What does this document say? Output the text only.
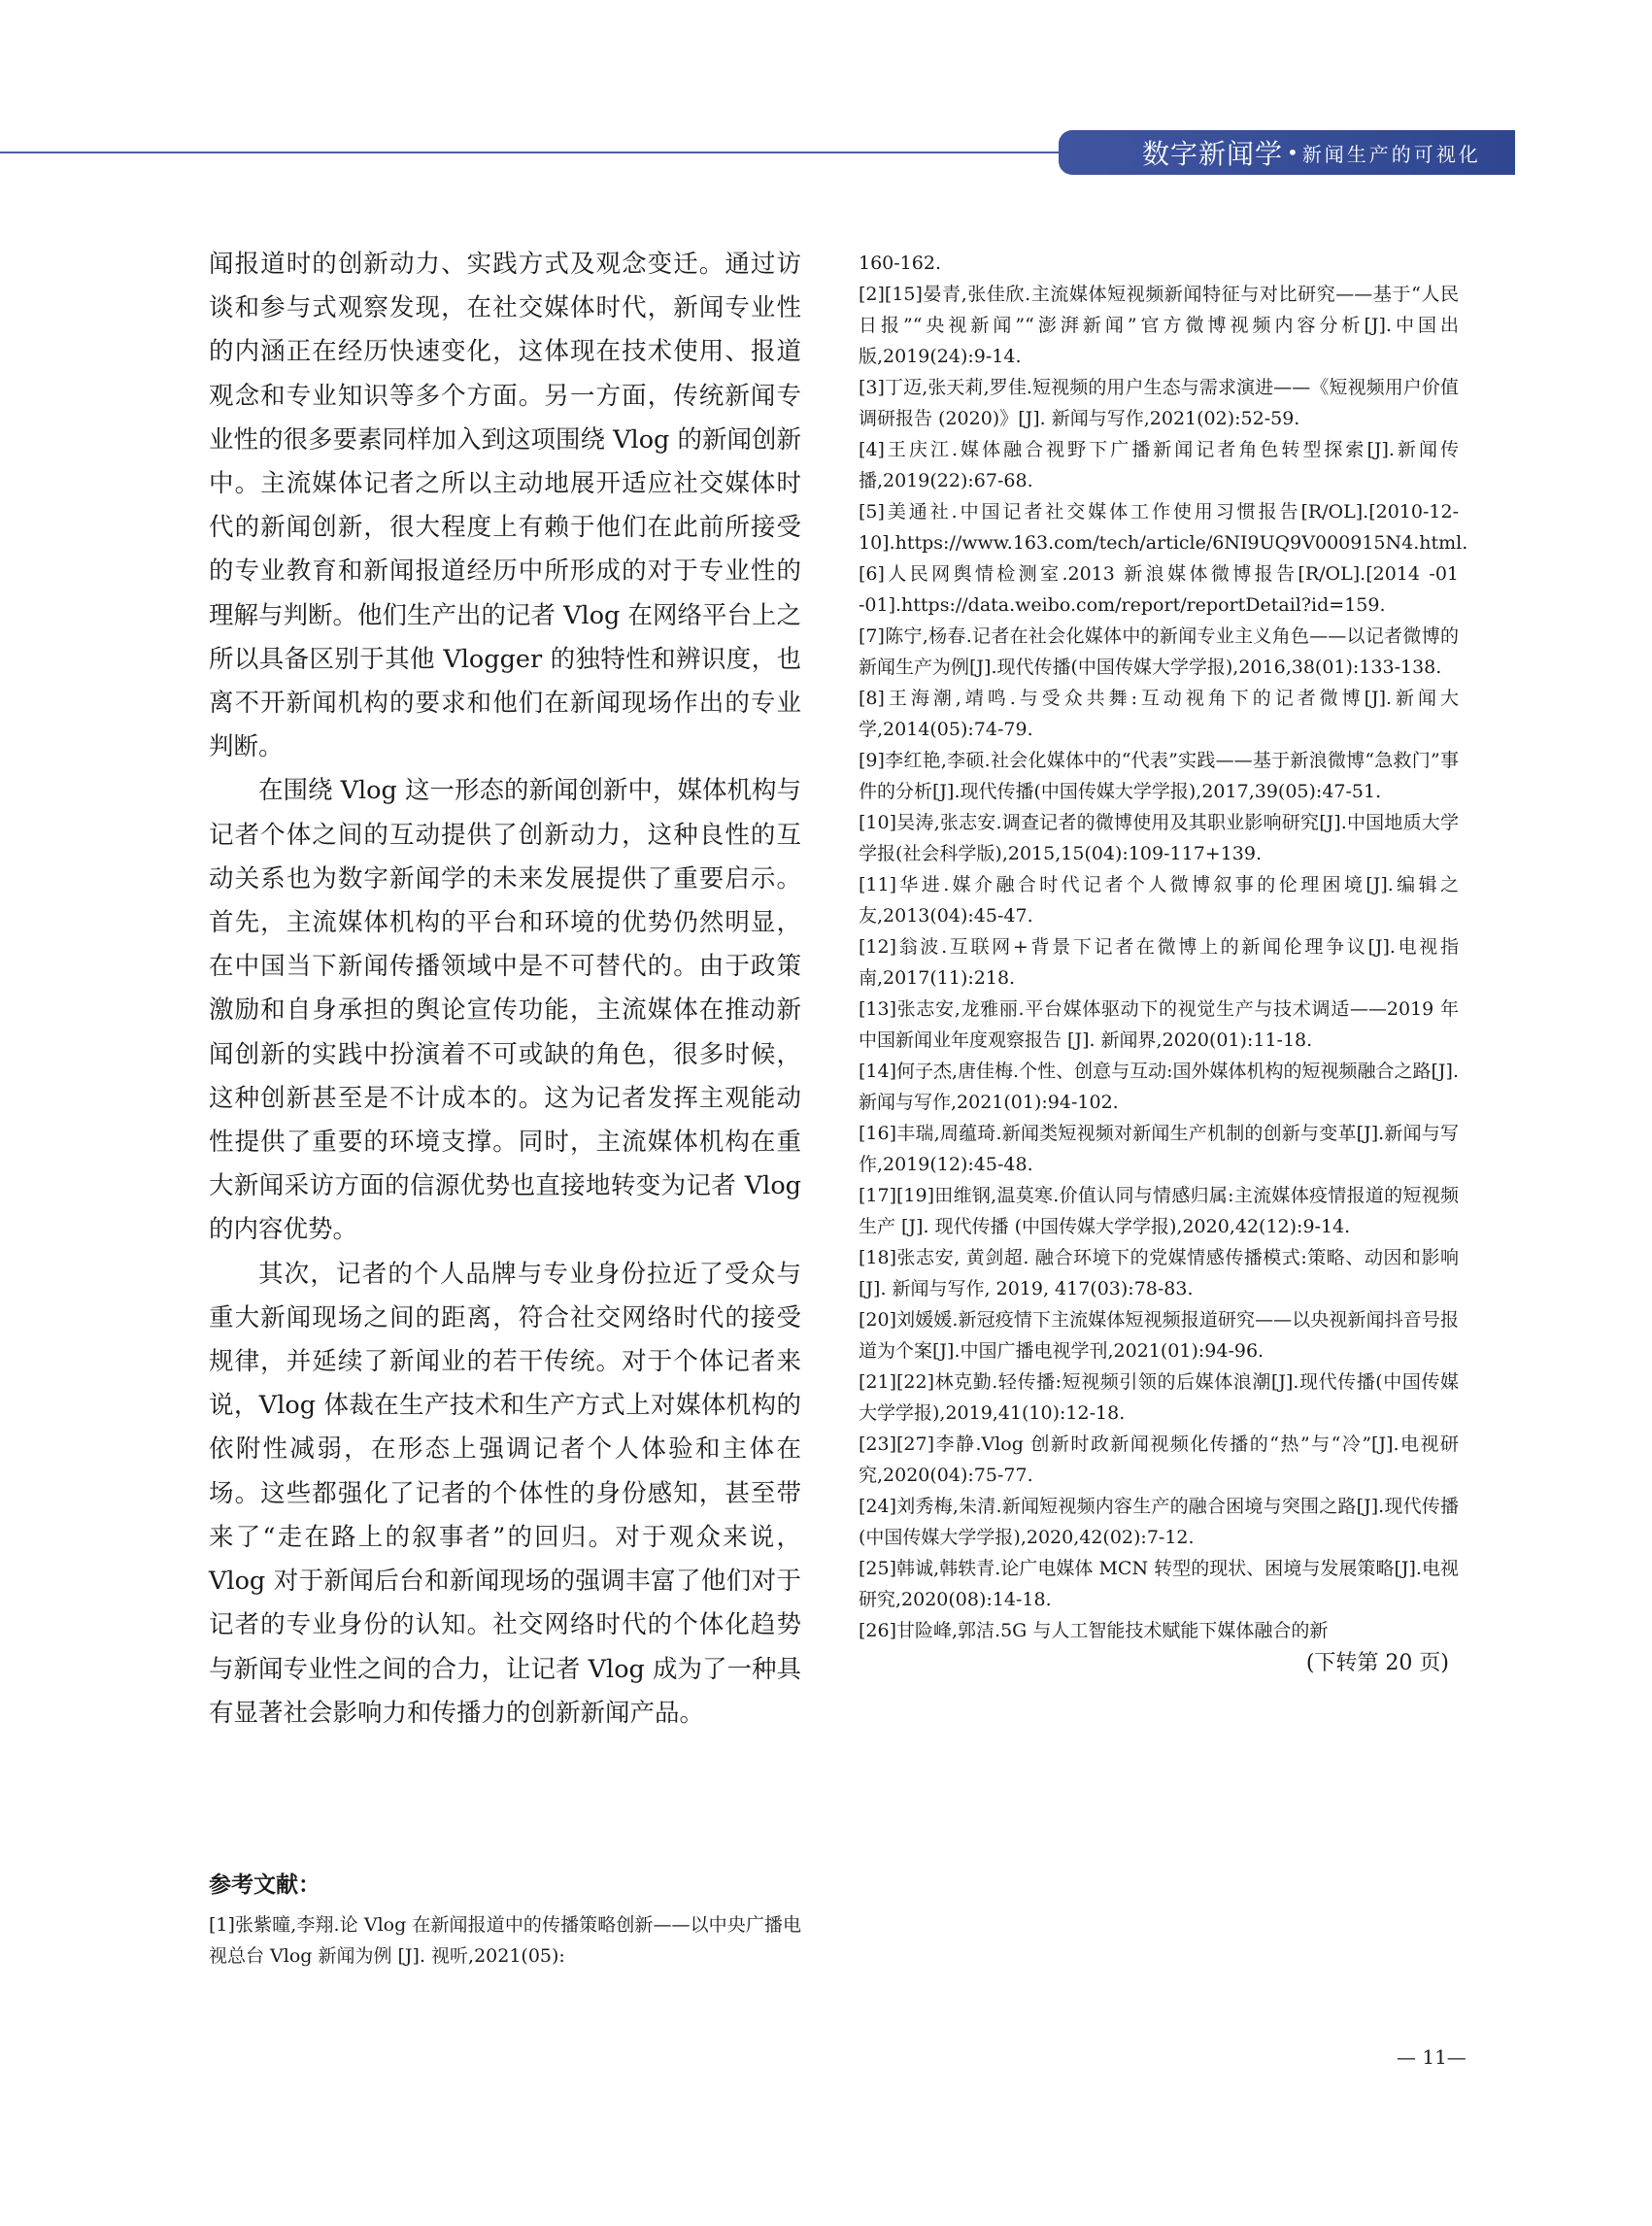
数字新闻学 • 新闻生产的可视化

闻报道时的创新动力、实践方式及观念变迁。通过访谈和参与式观察发现，在社交媒体时代，新闻专业性的内涵正在经历快速变化，这体现在技术使用、报道观念和专业知识等多个方面。另一方面，传统新闻专业性的很多要素同样加入到这项围绕 Vlog 的新闻创新中。主流媒体记者之所以主动地展开适应社交媒体时代的新闻创新，很大程度上有赖于他们在此前所接受的专业教育和新闻报道经历中所形成的对于专业性的理解与判断。他们生产出的记者 Vlog 在网络平台上之所以具备区别于其他 Vlogger 的独特性和辨识度，也离不开新闻机构的要求和他们在新闻现场作出的专业判断。

在围绕 Vlog 这一形态的新闻创新中，媒体机构与记者个体之间的互动提供了创新动力，这种良性的互动关系也为数字新闻学的未来发展提供了重要启示。首先，主流媒体机构的平台和环境的优势仍然明显，在中国当下新闻传播领域中是不可替代的。由于政策激励和自身承担的舆论宣传功能，主流媒体在推动新闻创新的实践中扮演着不可或缺的角色，很多时候，这种创新甚至是不计成本的。这为记者发挥主观能动性提供了重要的环境支撑。同时，主流媒体机构在重大新闻采访方面的信源优势也直接地转变为记者 Vlog 的内容优势。

其次，记者的个人品牌与专业身份拉近了受众与重大新闻现场之间的距离，符合社交网络时代的接受规律，并延续了新闻业的若干传统。对于个体记者来说，Vlog 体裁在生产技术和生产方式上对媒体机构的依附性减弱，在形态上强调记者个人体验和主体在场。这些都强化了记者的个体性的身份感知，甚至带来了“走在路上的叙事者”的回归。对于观众来说，Vlog 对于新闻后台和新闻现场的强调丰富了他们对于记者的专业身份的认知。社交网络时代的个体化趋势与新闻专业性之间的合力，让记者 Vlog 成为了一种具有显著社会影响力和传播力的创新新闻产品。

参考文献：

[1]张紫曈,李翔.论 Vlog 在新闻报道中的传播策略创新——以中央广播电视总台 Vlog 新闻为例 [J]. 视听,2021(05):

160-162.

[2][15]晏青,张佳欣.主流媒体短视频新闻特征与对比研究——基于“人民日报”“央视新闻”“澎湃新闻”官方微博视频内容分析[J].中国出版,2019(24):9-14.

[3]丁迈,张天莉,罗佳.短视频的用户生态与需求演进——《短视频用户价值调研报告 (2020)》[J]. 新闻与写作,2021(02):52-59.

[4]王庆江.媒体融合视野下广播新闻记者角色转型探索[J].新闻传播,2019(22):67-68.

[5]美通社.中国记者社交媒体工作使用习惯报告[R/OL].[2010-12-10].https://www.163.com/tech/article/6NI9UQ9V000915N4.html.

[6]人民网舆情检测室.2013 新浪媒体微博报告[R/OL].[2014 -01 -01].https://data.weibo.com/report/reportDetail?id=159.

[7]陈宁,杨春.记者在社会化媒体中的新闻专业主义角色——以记者微博的新闻生产为例[J].现代传播(中国传媒大学学报),2016,38(01):133-138.

[8]王海潮,靖鸣.与受众共舞:互动视角下的记者微博[J].新闻大学,2014(05):74-79.

[9]李红艳,李硕.社会化媒体中的“代表”实践——基于新浪微博“急救门”事件的分析[J].现代传播(中国传媒大学学报),2017,39(05):47-51.

[10]吴涛,张志安.调查记者的微博使用及其职业影响研究[J].中国地质大学学报(社会科学版),2015,15(04):109-117+139.

[11]华进.媒介融合时代记者个人微博叙事的伦理困境[J].编辑之友,2013(04):45-47.

[12]翁波.互联网+背景下记者在微博上的新闻伦理争议[J].电视指南,2017(11):218.

[13]张志安,龙雅丽.平台媒体驱动下的视觉生产与技术调适——2019 年中国新闻业年度观察报告 [J]. 新闻界,2020(01):11-18.

[14]何子杰,唐佳梅.个性、创意与互动:国外媒体机构的短视频融合之路[J].新闻与写作,2021(01):94-102.

[16]丰瑞,周蕴琦.新闻类短视频对新闻生产机制的创新与变革[J].新闻与写作,2019(12):45-48.

[17][19]田维钢,温莫寒.价值认同与情感归属:主流媒体疫情报道的短视频生产 [J]. 现代传播 (中国传媒大学学报),2020,42(12):9-14.

[18]张志安, 黄剑超. 融合环境下的党媒情感传播模式:策略、动因和影响[J]. 新闻与写作, 2019, 417(03):78-83.

[20]刘媛媛.新冠疫情下主流媒体短视频报道研究——以央视新闻抖音号报道为个案[J].中国广播电视学刊,2021(01):94-96.

[21][22]林克勤.轻传播:短视频引领的后媒体浪潮[J].现代传播(中国传媒大学学报),2019,41(10):12-18.

[23][27]李静.Vlog 创新时政新闻视频化传播的“热”与“冷”[J].电视研究,2020(04):75-77.

[24]刘秀梅,朱清.新闻短视频内容生产的融合困境与突围之路[J].现代传播(中国传媒大学学报),2020,42(02):7-12.

[25]韩诚,韩轶青.论广电媒体 MCN 转型的现状、困境与发展策略[J].电视研究,2020(08):14-18.

[26]甘险峰,郭洁.5G 与人工智能技术赋能下媒体融合的新

(下转第 20 页)
— 11—
